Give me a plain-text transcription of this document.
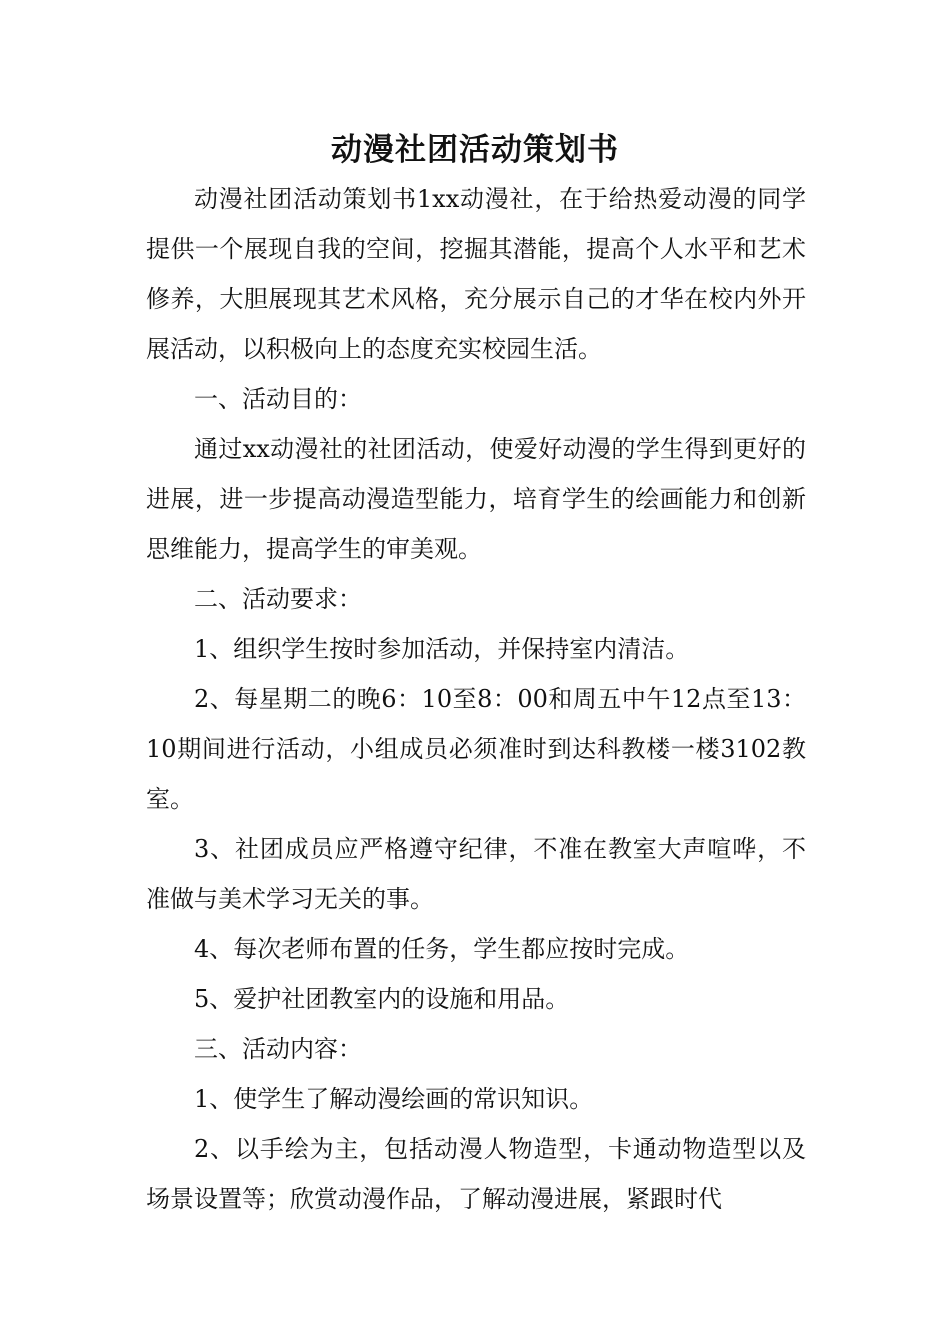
动漫社团活动策划书

动漫社团活动策划书1xx动漫社，在于给热爱动漫的同学提供一个展现自我的空间，挖掘其潜能，提高个人水平和艺术修养，大胆展现其艺术风格，充分展示自己的才华在校内外开展活动，以积极向上的态度充实校园生活。

一、活动目的：

通过xx动漫社的社团活动，使爱好动漫的学生得到更好的进展，进一步提高动漫造型能力，培育学生的绘画能力和创新思维能力，提高学生的审美观。

二、活动要求：

1、组织学生按时参加活动，并保持室内清洁。

2、每星期二的晚6：10至8：00和周五中午12点至13：10期间进行活动，小组成员必须准时到达科教楼一楼3102教室。

3、社团成员应严格遵守纪律，不准在教室大声喧哗，不准做与美术学习无关的事。

4、每次老师布置的任务，学生都应按时完成。

5、爱护社团教室内的设施和用品。

三、活动内容：

1、使学生了解动漫绘画的常识知识。

2、以手绘为主，包括动漫人物造型，卡通动物造型以及场景设置等；欣赏动漫作品，了解动漫进展，紧跟时代
